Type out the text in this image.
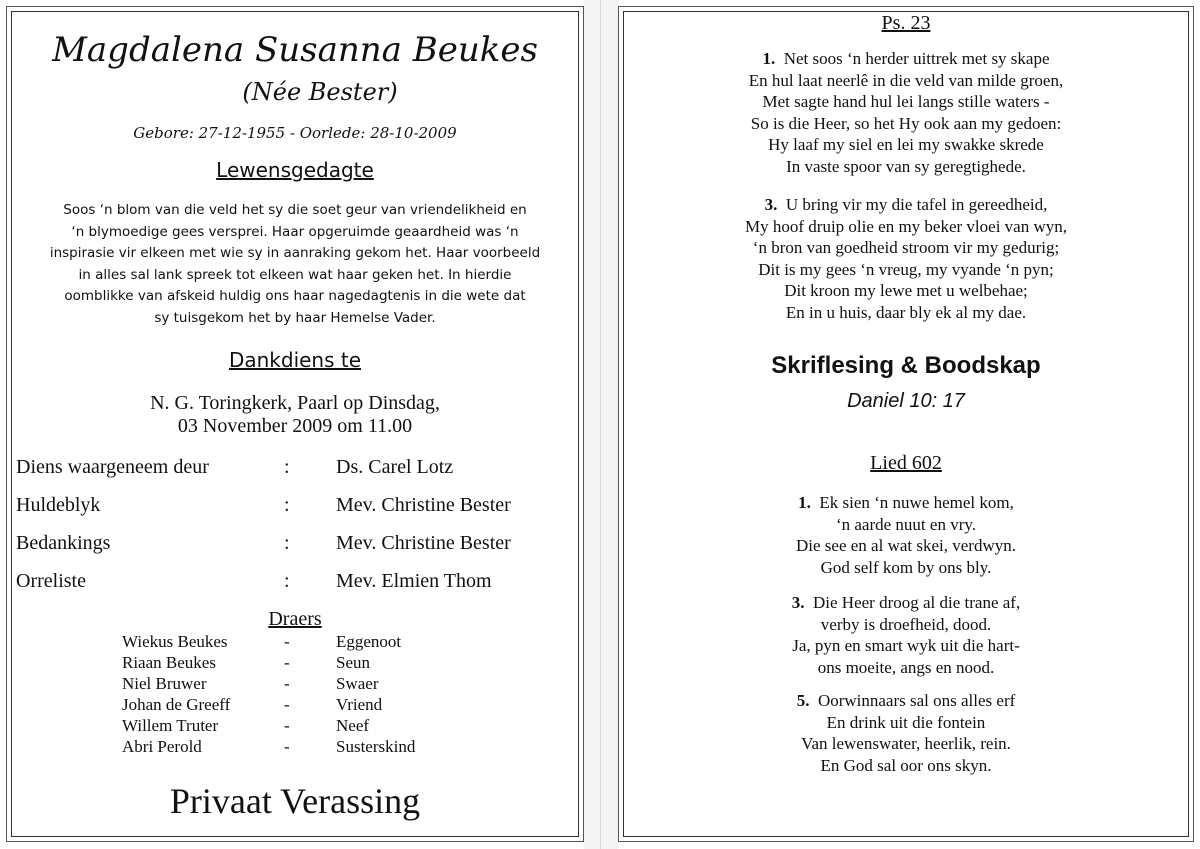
Magdalena Susanna Beukes
(Née Bester)
Gebore: 27-12-1955 - Oorlede: 28-10-2009
Lewensgedagte
Soos ‘n blom van die veld het sy die soet geur van vriendelikheid en
‘n blymoedige gees versprei. Haar opgeruimde geaardheid was ‘n
inspirasie vir elkeen met wie sy in aanraking gekom het. Haar voorbeeld
in alles sal lank spreek tot elkeen wat haar geken het. In hierdie
oomblikke van afskeid huldig ons haar nagedagtenis in die wete dat
sy tuisgekom het by haar Hemelse Vader.
Dankdiens te
N. G. Toringkerk, Paarl op Dinsdag,
03 November 2009 om 11.00
Diens waargeneem deur	: Ds. Carel Lotz
Huldeblyk	: Mev. Christine Bester
Bedankings	: Mev. Christine Bester
Orreliste	: Mev. Elmien Thom
Draers
Wiekus Beukes	-	Eggenoot
Riaan Beukes	-	Seun
Niel Bruwer	-	Swaer
Johan de Greeff	-	Vriend
Willem Truter	-	Neef
Abri Perold	-	Susterskind
Privaat Verassing
Ps. 23

1. Net soos ‘n herder uittrek met sy skape

En hul laat neerlê in die veld van milde groen,

Met sagte hand hul lei langs stille waters -

So is die Heer, so het Hy ook aan my gedoen:

Hy laaf my siel en lei my swakke skrede

In vaste spoor van sy geregtighede.

3. U bring vir my die tafel in gereedheid,

My hoof druip olie en my beker vloei van wyn,

‘n bron van goedheid stroom vir my gedurig;

Dit is my gees ‘n vreug, my vyande ‘n pyn;

Dit kroon my lewe met u welbehae;

En in u huis, daar bly ek al my dae.

Skriflesing & Boodskap
Daniel 10: 17
Lied 602

1. Ek sien ‘n nuwe hemel kom,

‘n aarde nuut en vry.

Die see en al wat skei, verdwyn.

God self kom by ons bly.

3. Die Heer droog al die trane af,

verby is droefheid, dood.

Ja, pyn en smart wyk uit die hart-

ons moeite, angs en nood.

5. Oorwinnaars sal ons alles erf

En drink uit die fontein

Van lewenswater, heerlik, rein.

En God sal oor ons skyn.
